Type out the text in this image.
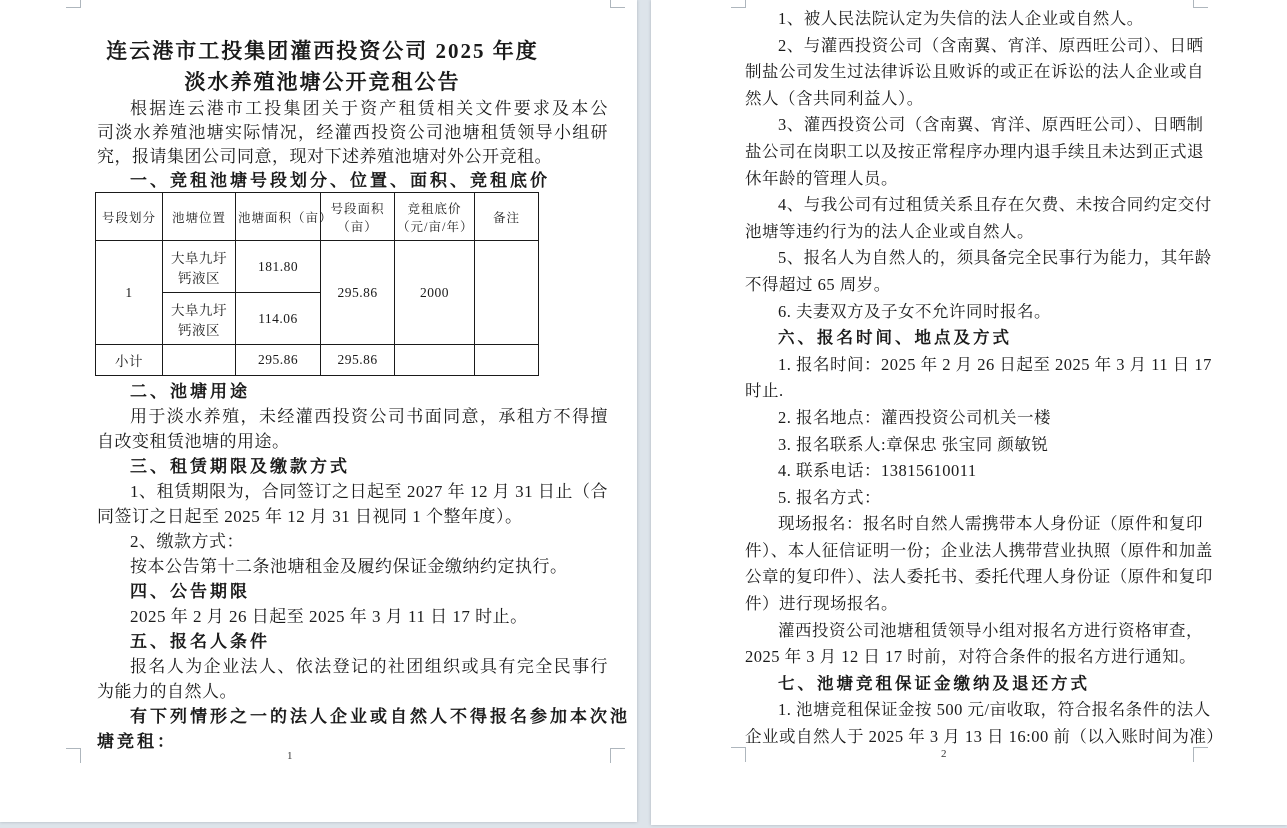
连云港市工投集团灌西投资公司 2025 年度
淡水养殖池塘公开竞租公告
根据连云港市工投集团关于资产租赁相关文件要求及本公
司淡水养殖池塘实际情况，经灌西投资公司池塘租赁领导小组研
究，报请集团公司同意，现对下述养殖池塘对外公开竞租。
一、竞租池塘号段划分、位置、面积、竞租底价
号段划分	池塘位置	池塘面积（亩）	号段面积（亩）	竞租底价（元/亩/年）	备注
1	大阜九圩钙液区	181.80	295.86	2000	
	大阜九圩钙液区	114.06			
小计		295.86	295.86		
二、池塘用途
用于淡水养殖，未经灌西投资公司书面同意，承租方不得擅
自改变租赁池塘的用途。
三、租赁期限及缴款方式
1、租赁期限为，合同签订之日起至 2027 年 12 月 31 日止（合
同签订之日起至 2025 年 12 月 31 日视同 1 个整年度）。
2、缴款方式：
按本公告第十二条池塘租金及履约保证金缴纳约定执行。
四、公告期限
2025 年 2 月 26 日起至 2025 年 3 月 11 日 17 时止。
五、报名人条件
报名人为企业法人、依法登记的社团组织或具有完全民事行
为能力的自然人。
有下列情形之一的法人企业或自然人不得报名参加本次池
塘竞租：
1
1、被人民法院认定为失信的法人企业或自然人。
2、与灌西投资公司（含南翼、宵洋、原西旺公司）、日晒
制盐公司发生过法律诉讼且败诉的或正在诉讼的法人企业或自
然人（含共同利益人）。
3、灌西投资公司（含南翼、宵洋、原西旺公司）、日晒制
盐公司在岗职工以及按正常程序办理内退手续且未达到正式退
休年龄的管理人员。
4、与我公司有过租赁关系且存在欠费、未按合同约定交付
池塘等违约行为的法人企业或自然人。
5、报名人为自然人的，须具备完全民事行为能力，其年龄
不得超过 65 周岁。
6. 夫妻双方及子女不允许同时报名。
六、报名时间、地点及方式
1. 报名时间：2025 年 2 月 26 日起至 2025 年 3 月 11 日 17
时止.
2. 报名地点：灌西投资公司机关一楼
3. 报名联系人:章保忠 张宝同 颜敏锐
4. 联系电话：13815610011
5. 报名方式：
现场报名：报名时自然人需携带本人身份证（原件和复印
件）、本人征信证明一份；企业法人携带营业执照（原件和加盖
公章的复印件）、法人委托书、委托代理人身份证（原件和复印
件）进行现场报名。
灌西投资公司池塘租赁领导小组对报名方进行资格审查，
2025 年 3 月 12 日 17 时前，对符合条件的报名方进行通知。
七、池塘竞租保证金缴纳及退还方式
1. 池塘竞租保证金按 500 元/亩收取，符合报名条件的法人
企业或自然人于 2025 年 3 月 13 日 16:00 前（以入账时间为准）
2
